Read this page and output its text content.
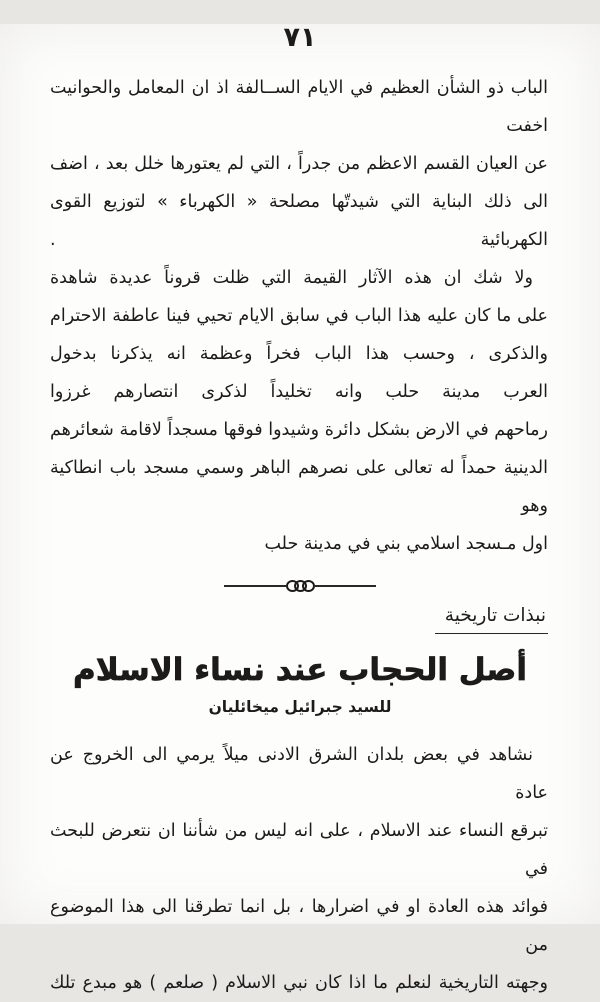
٧١
الباب ذو الشأن العظيم في الايام الســالفة اذ ان المعامل والحوانيت اخفت
عن العيان القسم الاعظم من جدراً ، التي لم يعتورها خلل بعد ، اضف
الى ذلك البناية التي شيدتّها مصلحة « الكهرباء » لتوزيع القوى الكهربائية .
ولا شك ان هذه الآثار القيمة التي ظلت قروناً عديدة شاهدة
على ما كان عليه هذا الباب في سابق الايام تحيي فينا عاطفة الاحترام
والذكرى ، وحسب هذا الباب فخراً وعظمة انه يذكرنا بدخول
العرب مدينة حلب وانه تخليداً لذكرى انتصارهم غرزوا
رماحهم في الارض بشكل دائرة وشيدوا فوقها مسجداً لاقامة شعائرهم
الدينية حمداً له تعالى على نصرهم الباهر وسمي مسجد باب انطاكية وهو
اول مـسجد اسلامي بني في مدينة حلب
نبذات تاريخية
أصل الحجاب عند نساء الاسلام
للسيد جبرائيل ميخائليان
نشاهد في بعض بلدان الشرق الادنى ميلاً يرمي الى الخروج عن عادة
تبرقع النساء عند الاسلام ، على انه ليس من شأننا ان نتعرض للبحث في
فوائد هذه العادة او في اضرارها ، بل انما تطرقنا الى هذا الموضوع من
وجهته التاريخية لنعلم ما اذا كان نبي الاسلام ( صلعم ) هو مبدع تلك
